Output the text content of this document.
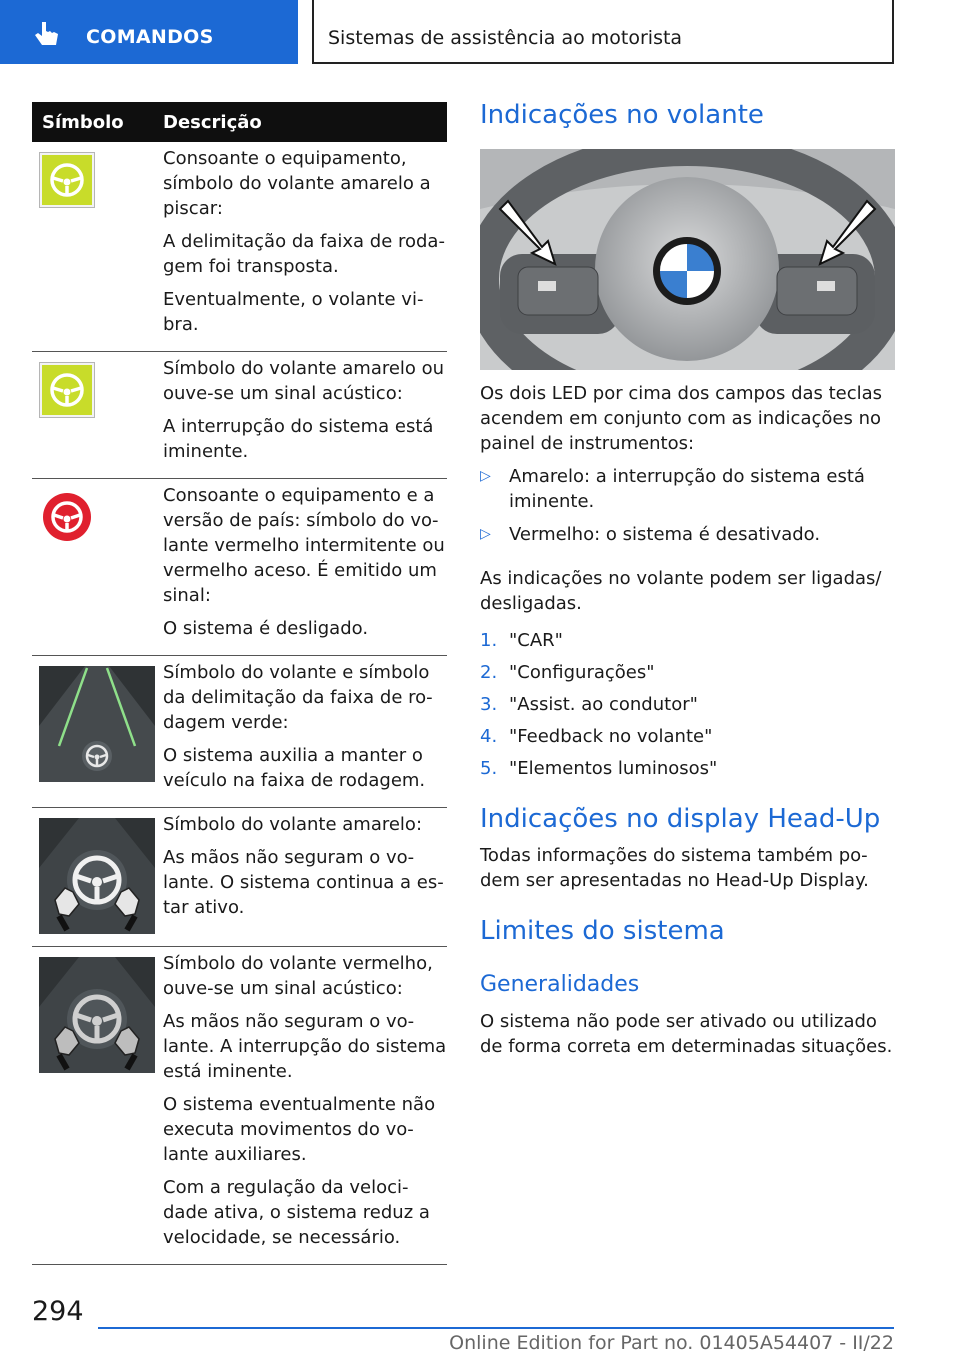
COMANDOS	Sistemas de assistência ao motorista
Símbolo Descrição

Consoante o equipamento, símbolo do volante amarelo a piscar:

A delimitação da faixa de roda‐gem foi transposta.

Eventualmente, o volante vi‐bra.

Símbolo do volante amarelo ou ouve-se um sinal acústico:

A interrupção do sistema está iminente.

Consoante o equipamento e a versão de país: símbolo do vo‐lante vermelho intermitente ou vermelho aceso. É emitido um sinal:

O sistema é desligado.

Símbolo do volante e símbolo da delimitação da faixa de ro‐dagem verde:

O sistema auxilia a manter o veículo na faixa de rodagem.

Símbolo do volante amarelo:

As mãos não seguram o vo‐lante. O sistema continua a es‐tar ativo.

Símbolo do volante vermelho, ouve-se um sinal acústico:

As mãos não seguram o vo‐lante. A interrupção do sistema está iminente.

O sistema eventualmente não executa movimentos do vo‐lante auxiliares.

Com a regulação da veloci‐dade ativa, o sistema reduz a velocidade, se necessário.

Indicações no volante

Os dois LED por cima dos campos das teclas acendem em conjunto com as indicações no painel de instrumentos:

▷ Amarelo: a interrupção do sistema está iminente.
▷ Vermelho: o sistema é desativado.

As indicações no volante podem ser ligadas/ desligadas.

1. "CAR"
2. "Configurações"
3. "Assist. ao condutor"
4. "Feedback no volante"
5. "Elementos luminosos"
Indicações no display Head-Up

Todas informações do sistema também po‐dem ser apresentadas no Head-Up Display.

Limites do sistema
Generalidades

O sistema não pode ser ativado ou utilizado de forma correta em determinadas situações.

294
Online Edition for Part no. 01405A54407 - II/22
